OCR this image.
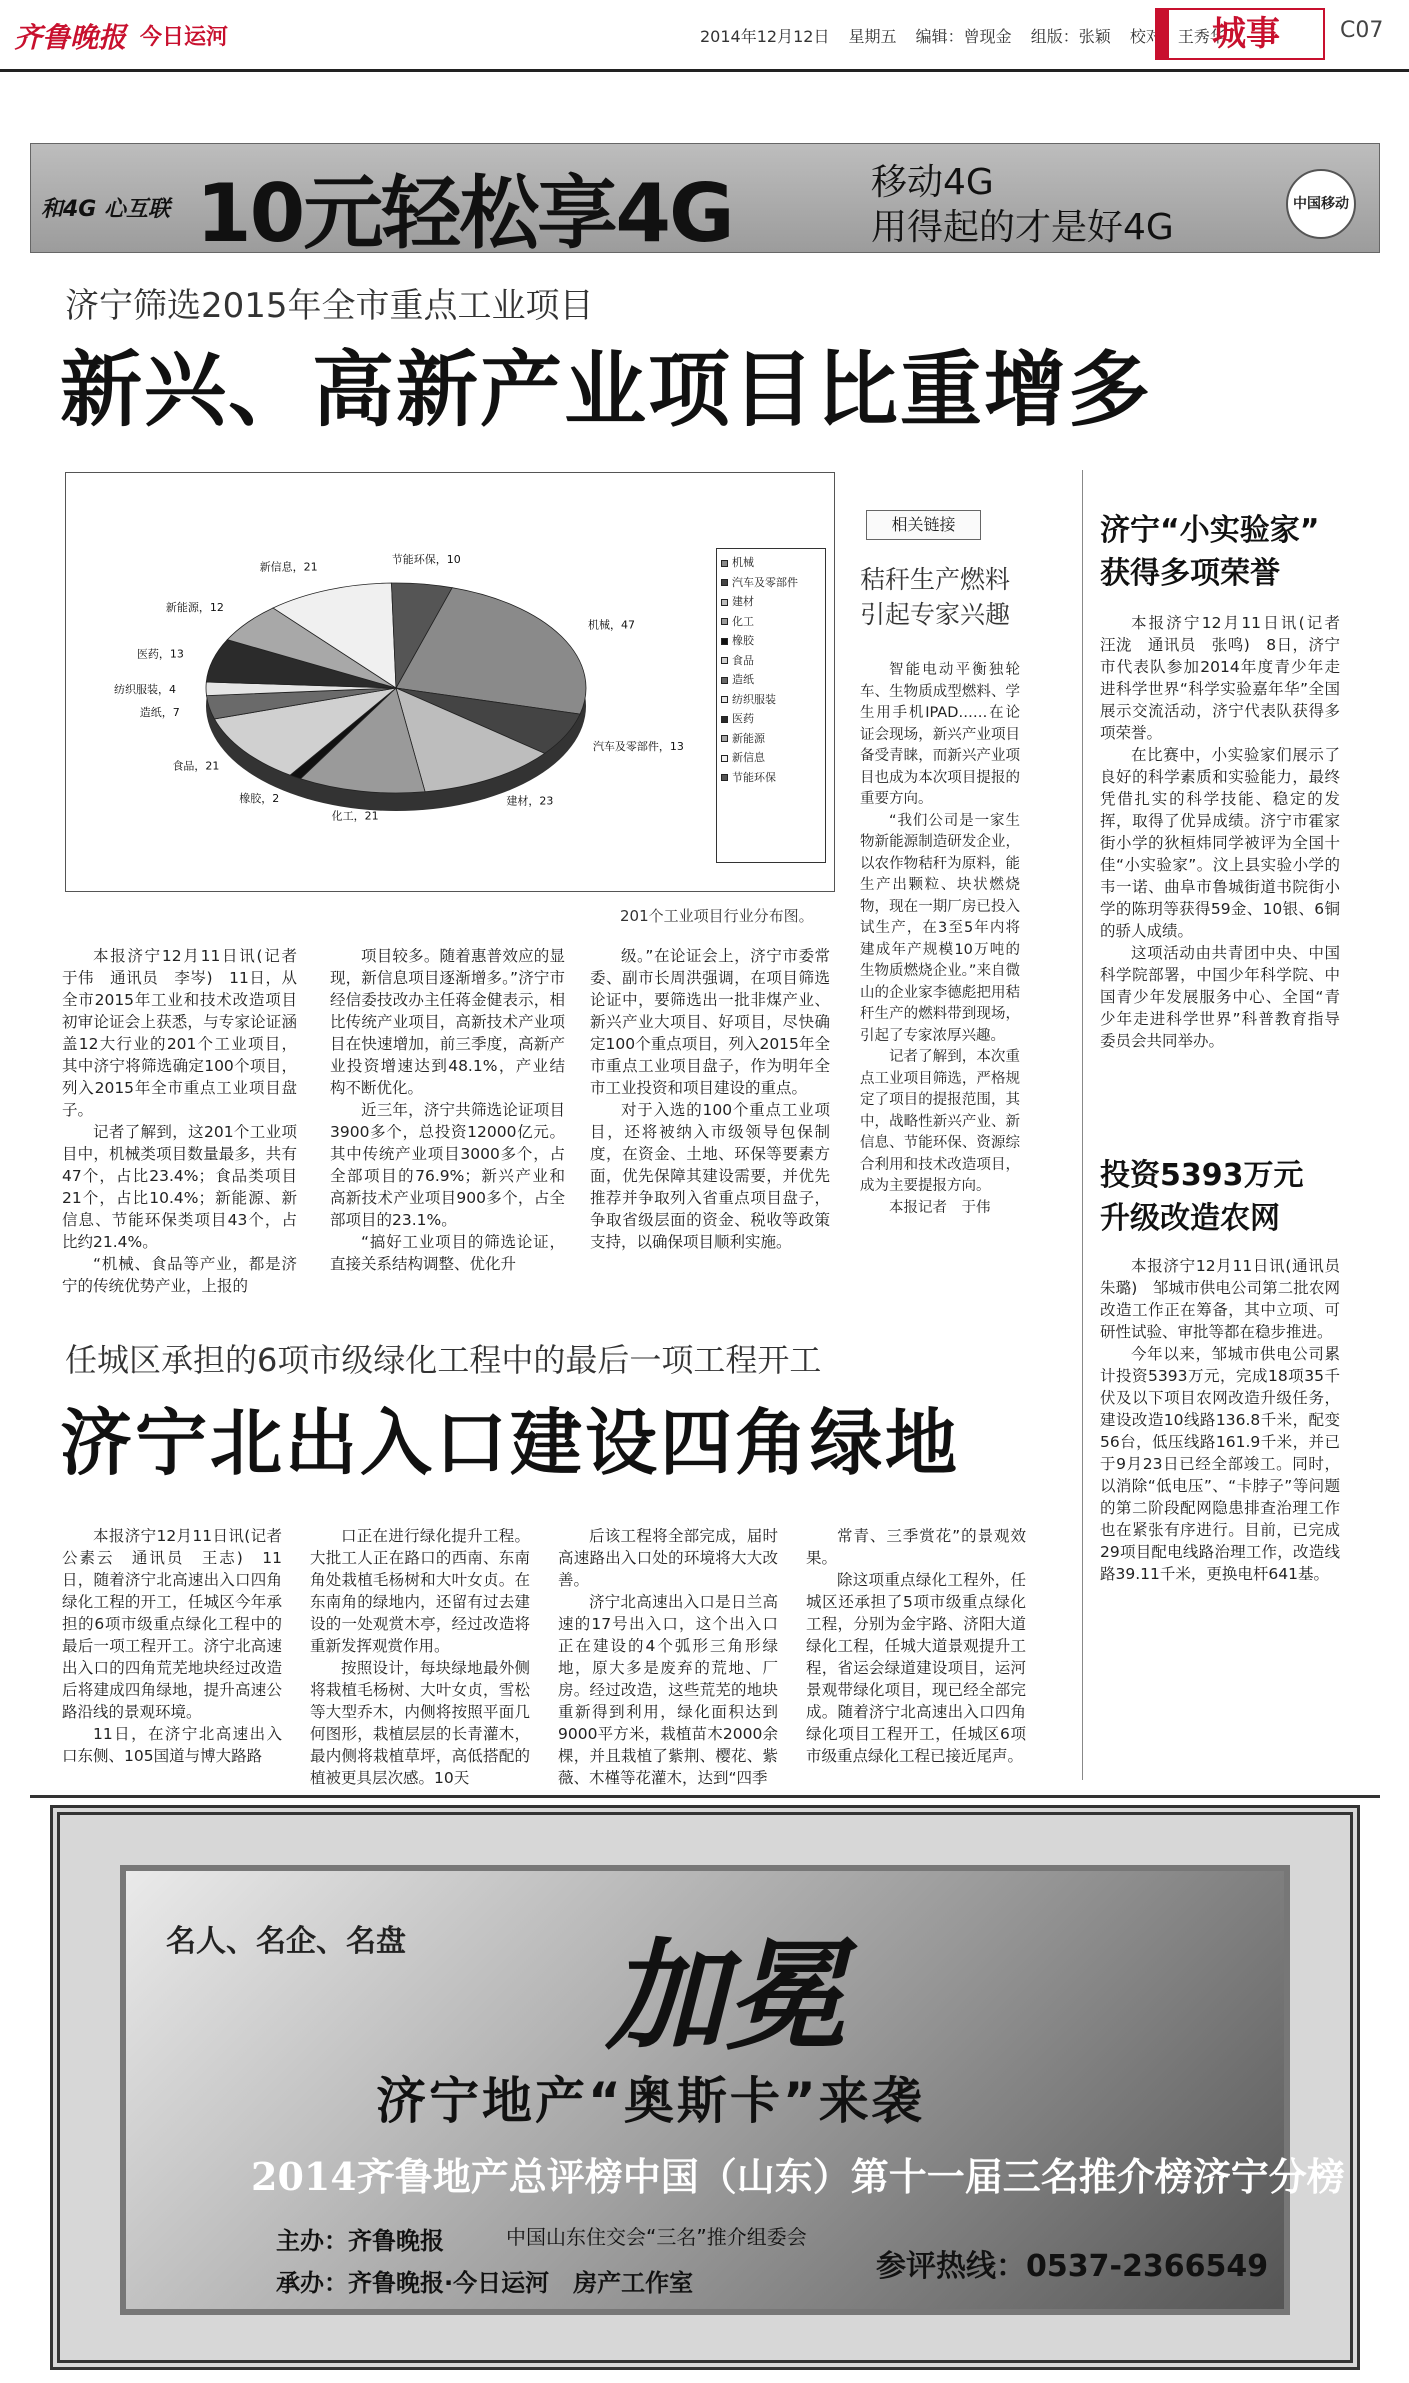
齐鲁晚报 今日运河	2014年12月12日 星期五 编辑：曾现金 组版：张颖 校对：王秀华
城事	C07
和4G 心互联 10元轻松享4G	移动4G
用得起的才是好4G
中国移动
济宁筛选2015年全市重点工业项目
新兴、高新产业项目比重增多
机械，47
汽车及零部件，13
建材，23
化工，21
橡胶，2
食品，21
造纸，7
纺织服装，4
医药，13
新能源，12
新信息，21
节能环保，10	机械
汽车及零部件
建材
化工
橡胶
食品
造纸
纺织服装
医药
新能源
新信息
节能环保
201个工业项目行业分布图。

本报济宁12月11日讯(记者　于伟　通讯员　李岑)　11日，从全市2015年工业和技术改造项目初审论证会上获悉，与专家论证涵盖12大行业的201个工业项目，其中济宁将筛选确定100个项目，列入2015年全市重点工业项目盘子。

记者了解到，这201个工业项目中，机械类项目数量最多，共有47个，占比23.4%；食品类项目21个，占比10.4%；新能源、新信息、节能环保类项目43个，占比约21.4%。

“机械、食品等产业，都是济宁的传统优势产业，上报的

项目较多。随着惠普效应的显现，新信息项目逐渐增多。”济宁市经信委技改办主任蒋金健表示，相比传统产业项目，高新技术产业项目在快速增加，前三季度，高新产业投资增速达到48.1%，产业结构不断优化。

近三年，济宁共筛选论证项目3900多个，总投资12000亿元。其中传统产业项目3000多个，占全部项目的76.9%；新兴产业和高新技术产业项目900多个，占全部项目的23.1%。

“搞好工业项目的筛选论证，直接关系结构调整、优化升

级。”在论证会上，济宁市委常委、副市长周洪强调，在项目筛选论证中，要筛选出一批非煤产业、新兴产业大项目、好项目，尽快确定100个重点项目，列入2015年全市重点工业项目盘子，作为明年全市工业投资和项目建设的重点。

对于入选的100个重点工业项目，还将被纳入市级领导包保制度，在资金、土地、环保等要素方面，优先保障其建设需要，并优先推荐并争取列入省重点项目盘子，争取省级层面的资金、税收等政策支持，以确保项目顺利实施。

相关链接
秸秆生产燃料
引起专家兴趣

智能电动平衡独轮车、生物质成型燃料、学生用手机IPAD……在论证会现场，新兴产业项目备受青睐，而新兴产业项目也成为本次项目提报的重要方向。

“我们公司是一家生物新能源制造研发企业，以农作物秸秆为原料，能生产出颗粒、块状燃烧物，现在一期厂房已投入试生产，在3至5年内将建成年产规模10万吨的生物质燃烧企业。”来自微山的企业家李德彪把用秸秆生产的燃料带到现场，引起了专家浓厚兴趣。

记者了解到，本次重点工业项目筛选，严格规定了项目的提报范围，其中，战略性新兴产业、新信息、节能环保、资源综合利用和技术改造项目，成为主要提报方向。

本报记者　于伟

济宁“小实验家”
获得多项荣誉

本报济宁12月11日讯(记者　汪泷　通讯员　张鸣)　8日，济宁市代表队参加2014年度青少年走进科学世界“科学实验嘉年华”全国展示交流活动，济宁代表队获得多项荣誉。

在比赛中，小实验家们展示了良好的科学素质和实验能力，最终凭借扎实的科学技能、稳定的发挥，取得了优异成绩。济宁市霍家街小学的狄桓炜同学被评为全国十佳“小实验家”。汶上县实验小学的韦一诺、曲阜市鲁城街道书院街小学的陈玥等获得59金、10银、6铜的骄人成绩。

这项活动由共青团中央、中国科学院部署，中国少年科学院、中国青少年发展服务中心、全国“青少年走进科学世界”科普教育指导委员会共同举办。

投资5393万元
升级改造农网

本报济宁12月11日讯(通讯员　朱璐)　邹城市供电公司第二批农网改造工作正在筹备，其中立项、可研性试验、审批等都在稳步推进。

今年以来，邹城市供电公司累计投资5393万元，完成18项35千伏及以下项目农网改造升级任务，建设改造10线路136.8千米，配变56台，低压线路161.9千米，并已于9月23日已经全部竣工。同时，以消除“低电压”、“卡脖子”等问题的第二阶段配网隐患排查治理工作也在紧张有序进行。目前，已完成29项目配电线路治理工作，改造线路39.11千米，更换电杆641基。

任城区承担的6项市级绿化工程中的最后一项工程开工
济宁北出入口建设四角绿地

本报济宁12月11日讯(记者　公素云　通讯员　王志)　11日，随着济宁北高速出入口四角绿化工程的开工，任城区今年承担的6项市级重点绿化工程中的最后一项工程开工。济宁北高速出入口的四角荒芜地块经过改造后将建成四角绿地，提升高速公路沿线的景观环境。

11日，在济宁北高速出入口东侧、105国道与博大路路

口正在进行绿化提升工程。大批工人正在路口的西南、东南角处栽植毛杨树和大叶女贞。在东南角的绿地内，还留有过去建设的一处观赏木亭，经过改造将重新发挥观赏作用。

按照设计，每块绿地最外侧将栽植毛杨树、大叶女贞，雪松等大型乔木，内侧将按照平面几何图形，栽植层层的长青灌木，最内侧将栽植草坪，高低搭配的植被更具层次感。10天

后该工程将全部完成，届时高速路出入口处的环境将大大改善。

济宁北高速出入口是日兰高速的17号出入口，这个出入口正在建设的4个弧形三角形绿地，原大多是废弃的荒地、厂房。经过改造，这些荒芜的地块重新得到利用，绿化面积达到9000平方米，栽植苗木2000余棵，并且栽植了紫荆、樱花、紫薇、木槿等花灌木，达到“四季

常青、三季赏花”的景观效果。

除这项重点绿化工程外，任城区还承担了5项市级重点绿化工程，分别为金宇路、济阳大道绿化工程，任城大道景观提升工程，省运会绿道建设项目，运河景观带绿化项目，现已经全部完成。随着济宁北高速出入口四角绿化项目工程开工，任城区6项市级重点绿化工程已接近尾声。

名人、名企、名盘 加冕
济宁地产“奥斯卡”来袭
2014齐鲁地产总评榜中国（山东）第十一届三名推介榜济宁分榜
主办：齐鲁晚报	中国山东住交会“三名”推介组委会
承办：齐鲁晚报·今日运河　房产工作室	参评热线：0537-2366549
